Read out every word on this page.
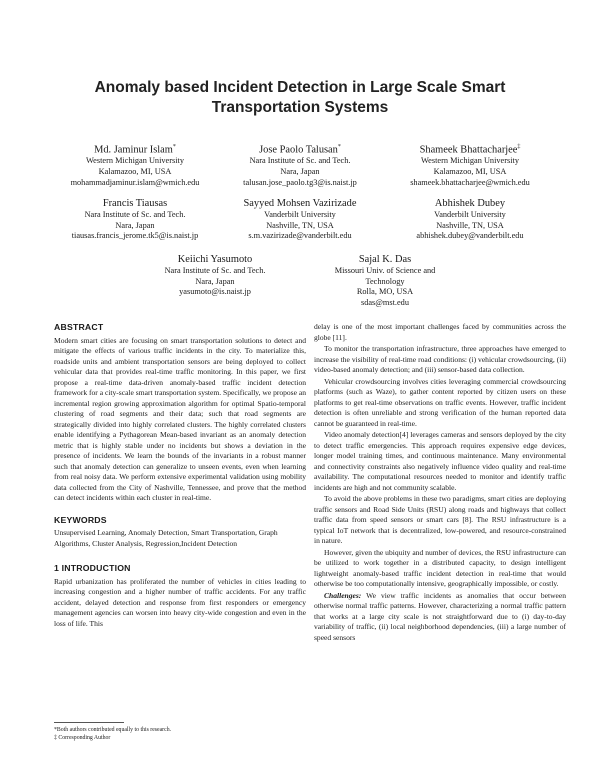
Anomaly based Incident Detection in Large Scale Smart
Transportation Systems
Md. Jaminur Islam*
Western Michigan University
Kalamazoo, MI, USA
mohammadjaminur.islam@wmich.edu
Jose Paolo Talusan*
Nara Institute of Sc. and Tech.
Nara, Japan
talusan.jose_paolo.tg3@is.naist.jp
Shameek Bhattacharjee‡
Western Michigan University
Kalamazoo, MI, USA
shameek.bhattacharjee@wmich.edu
Francis Tiausas
Nara Institute of Sc. and Tech.
Nara, Japan
tiausas.francis_jerome.tk5@is.naist.jp
Sayyed Mohsen Vazirizade
Vanderbilt University
Nashville, TN, USA
s.m.vazirizade@vanderbilt.edu
Abhishek Dubey
Vanderbilt University
Nashville, TN, USA
abhishek.dubey@vanderbilt.edu
Keiichi Yasumoto
Nara Institute of Sc. and Tech.
Nara, Japan
yasumoto@is.naist.jp
Sajal K. Das
Missouri Univ. of Science and
Technology
Rolla, MO, USA
sdas@mst.edu
ABSTRACT

Modern smart cities are focusing on smart transportation solutions to detect and mitigate the effects of various traffic incidents in the city. To materialize this, roadside units and ambient transportation sensors are being deployed to collect vehicular data that provides real-time traffic monitoring. In this paper, we first propose a real-time data-driven anomaly-based traffic incident detection framework for a city-scale smart transportation system. Specifically, we propose an incremental region growing approximation algorithm for optimal Spatio-temporal clustering of road segments and their data; such that road segments are strategically divided into highly correlated clusters. The highly correlated clusters enable identifying a Pythagorean Mean-based invariant as an anomaly detection metric that is highly stable under no incidents but shows a deviation in the presence of incidents. We learn the bounds of the invariants in a robust manner such that anomaly detection can generalize to unseen events, even when learning from real noisy data. We perform extensive experimental validation using mobility data collected from the City of Nashville, Tennessee, and prove that the method can detect incidents within each cluster in real-time.

KEYWORDS

Unsupervised Learning, Anomaly Detection, Smart Transportation, Graph Algorithms, Cluster Analysis, Regression,Incident Detection

1 INTRODUCTION

Rapid urbanization has proliferated the number of vehicles in cities leading to increasing congestion and a higher number of traffic accidents. For any traffic accident, delayed detection and response from first responders or emergency management agencies can worsen into heavy city-wide congestion and even in the loss of life. This

*Both authors contributed equally to this research.
‡ Corresponding Author

delay is one of the most important challenges faced by communities across the globe [11].

To monitor the transportation infrastructure, three approaches have emerged to increase the visibility of real-time road conditions: (i) vehicular crowdsourcing, (ii) video-based anomaly detection; and (iii) sensor-based data collection.

Vehicular crowdsourcing involves cities leveraging commercial crowdsourcing platforms (such as Waze), to gather content reported by citizen users on these platforms to get real-time observations on traffic events. However, traffic incident detection is often unreliable and strong verification of the human reported data cannot be guaranteed in real-time.

Video anomaly detection[4] leverages cameras and sensors deployed by the city to detect traffic emergencies. This approach requires expensive edge devices, longer model training times, and continuous maintenance. Many environmental and connectivity constraints also negatively influence video quality and real-time availability. The computational resources needed to monitor and identify traffic incidents are high and not community scalable.

To avoid the above problems in these two paradigms, smart cities are deploying traffic sensors and Road Side Units (RSU) along roads and highways that collect traffic data from speed sensors or smart cars [8]. The RSU infrastructure is a typical IoT network that is decentralized, low-powered, and resource-constrained in nature.

However, given the ubiquity and number of devices, the RSU infrastructure can be utilized to work together in a distributed capacity, to design intelligent lightweight anomaly-based traffic incident detection in real-time that would otherwise be too computationally intensive, geographically impossible, or costly.

Challenges: We view traffic incidents as anomalies that occur between otherwise normal traffic patterns. However, characterizing a normal traffic pattern that works at a large city scale is not straightforward due to (i) day-to-day variability of traffic, (ii) local neighborhood dependencies, (iii) a large number of speed sensors
